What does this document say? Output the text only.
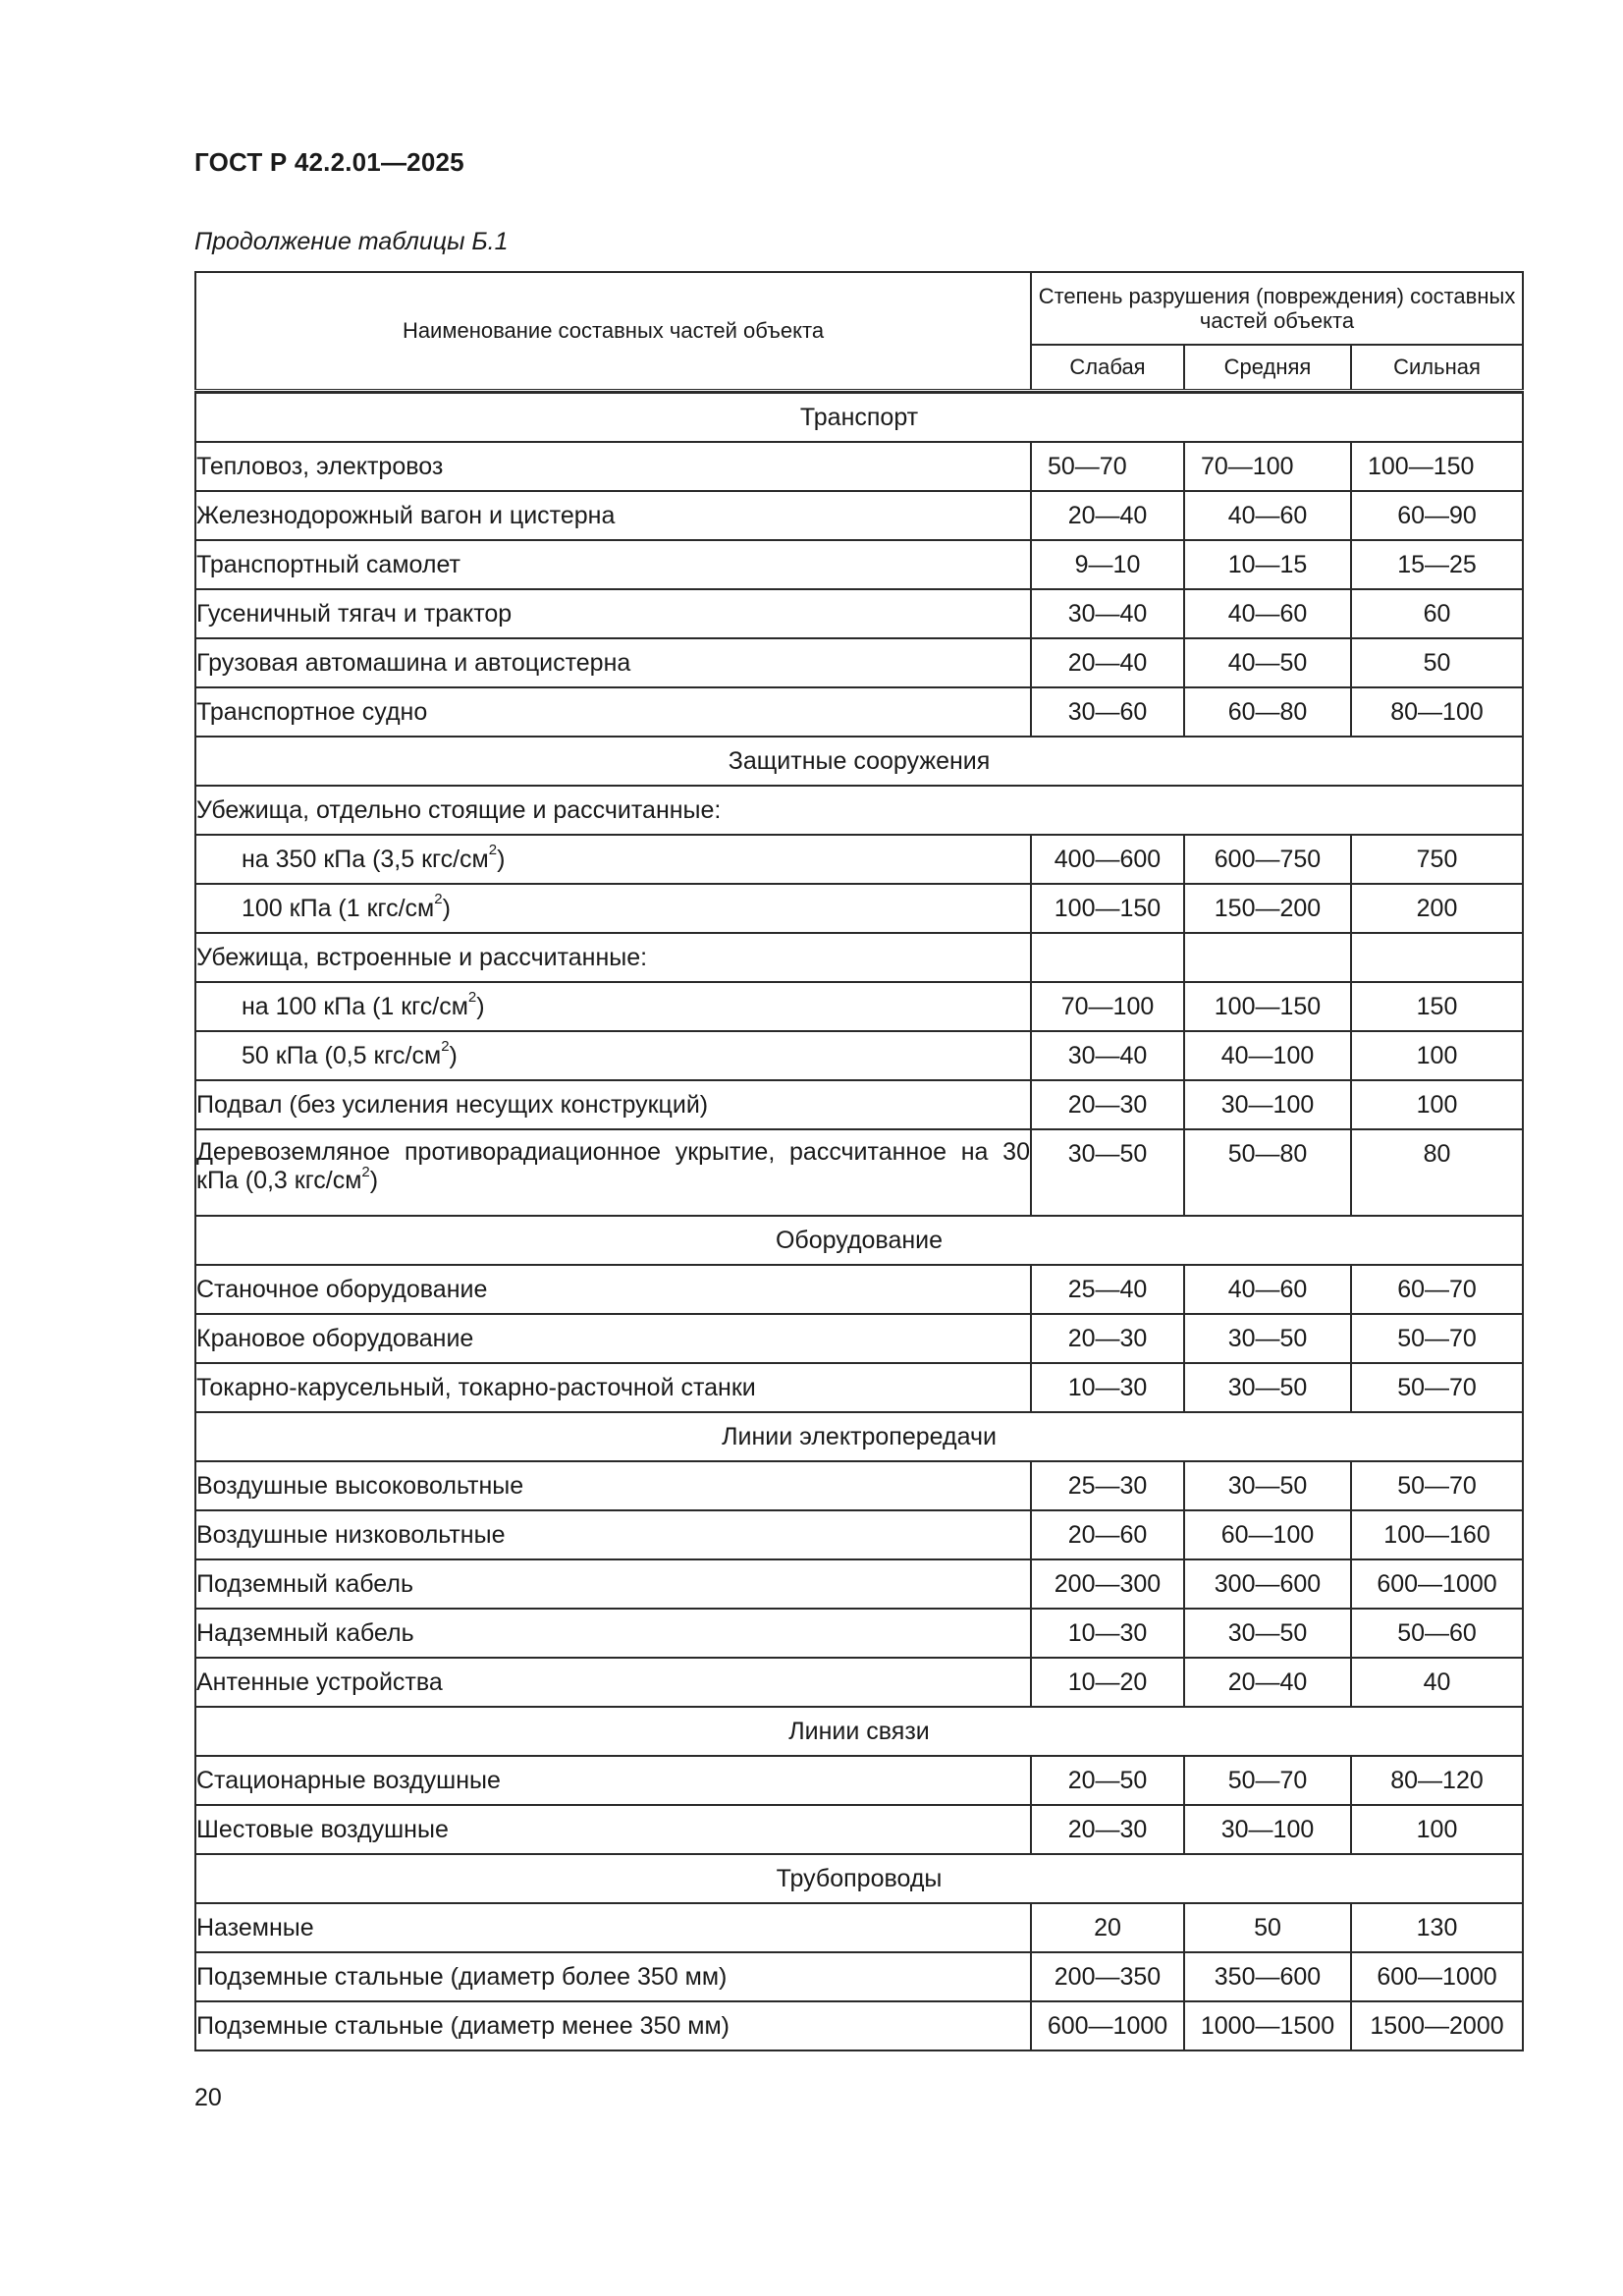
ГОСТ Р 42.2.01—2025
Продолжение таблицы Б.1
Наименование составных частей объекта	Степень разрушения (повреждения) составных частей объекта		
	Слабая	Средняя	Сильная

Транспорт			
Тепловоз, электровоз	50—70	70—100	100—150
Железнодорожный вагон и цистерна	20—40	40—60	60—90
Транспортный самолет	9—10	10—15	15—25
Гусеничный тягач и трактор	30—40	40—60	60
Грузовая автомашина и автоцистерна	20—40	40—50	50
Транспортное судно	30—60	60—80	80—100
Защитные сооружения			
Убежища, отдельно стоящие и рассчитанные:			
на 350 кПа (3,5 кгс/$см^2$)	400—600	600—750	750
100 кПа (1 кгс/$см^2$)	100—150	150—200	200
Убежища, встроенные и рассчитанные:			
на 100 кПа (1 кгс/$см^2$)	70—100	100—150	150
50 кПа (0,5 кгс/$см^2$)	30—40	40—100	100
Подвал (без усиления несущих конструкций)	20—30	30—100	100
Деревоземляное противорадиационное укрытие, рассчитанное на 30 кПа (0,3 кгс/$см^2$)	30—50	50—80	80
Оборудование			
Станочное оборудование	25—40	40—60	60—70
Крановое оборудование	20—30	30—50	50—70
Токарно-карусельный, токарно-расточной станки	10—30	30—50	50—70
Линии электропередачи			
Воздушные высоковольтные	25—30	30—50	50—70
Воздушные низковольтные	20—60	60—100	100—160
Подземный кабель	200—300	300—600	600—1000
Надземный кабель	10—30	30—50	50—60
Антенные устройства	10—20	20—40	40
Линии связи			
Стационарные воздушные	20—50	50—70	80—120
Шестовые воздушные	20—30	30—100	100
Трубопроводы			
Наземные	20	50	130
Подземные стальные (диаметр более 350 мм)	200—350	350—600	600—1000
Подземные стальные (диаметр менее 350 мм)	600—1000	1000—1500	1500—2000
20
